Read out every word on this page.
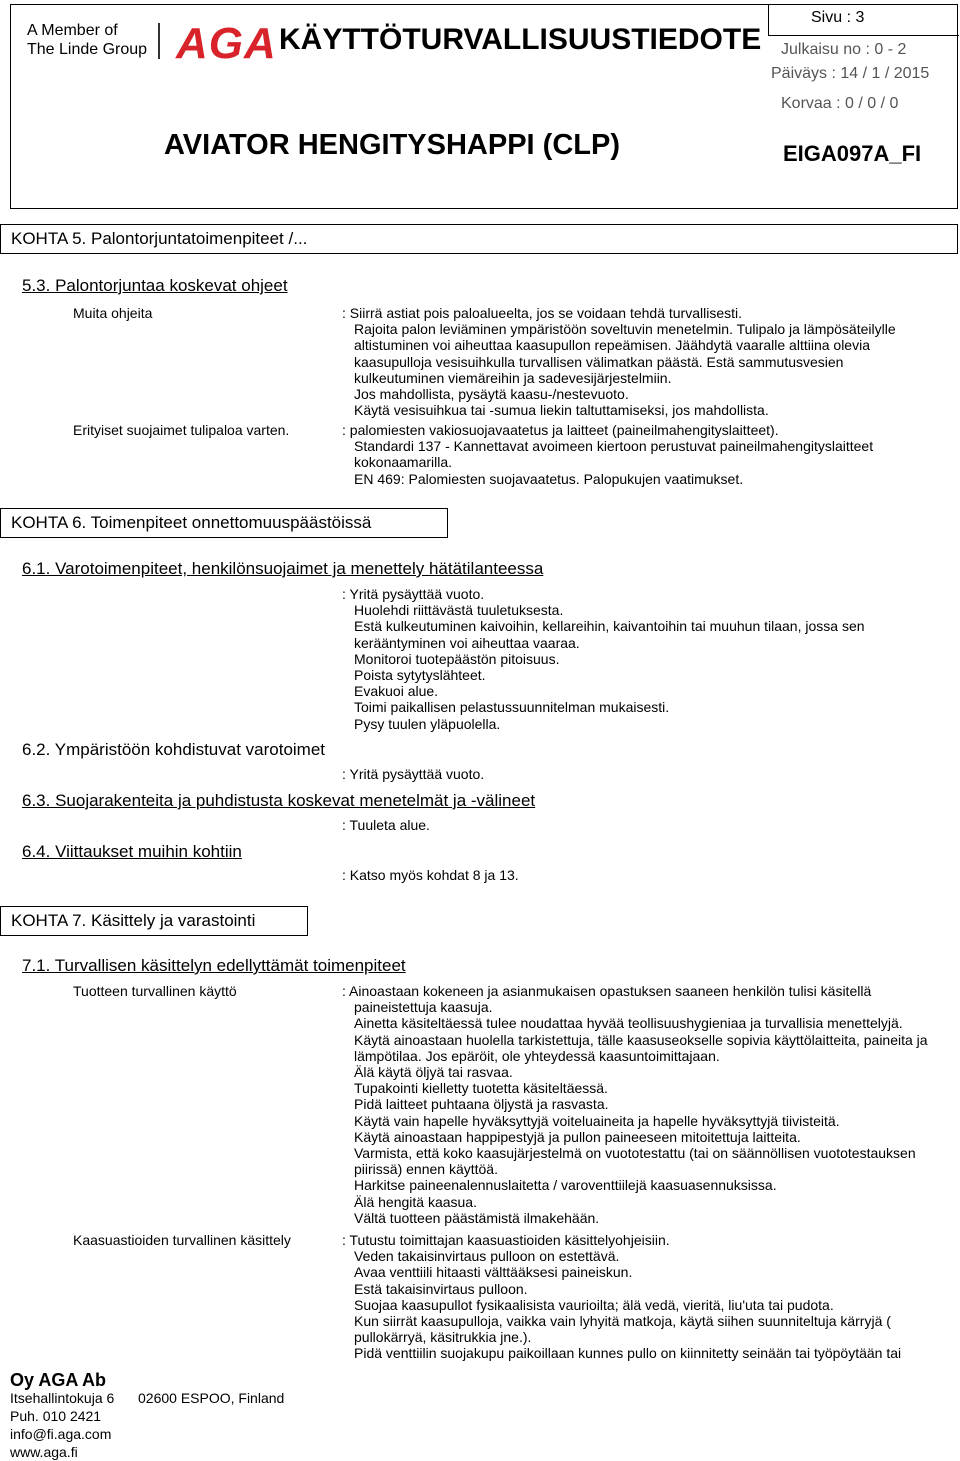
A Member of
The Linde Group AGA KÄYTTÖTURVALLISUUSTIEDOTE
AVIATOR HENGITYSHAPPI (CLP)
Sivu : 3
Julkaisu no : 0 - 2
Päiväys : 14 / 1 / 2015
Korvaa : 0 / 0 / 0
EIGA097A_FI
KOHTA 5. Palontorjuntatoimenpiteet /...
5.3. Palontorjuntaa koskevat ohjeet
Muita ohjeita	: Siirrä astiat pois paloalueelta, jos se voidaan tehdä turvallisesti.
Rajoita palon leviäminen ympäristöön soveltuvin menetelmin. Tulipalo ja lämpösäteilylle
altistuminen voi aiheuttaa kaasupullon repeämisen. Jäähdytä vaaralle alttiina olevia
kaasupulloja vesisuihkulla turvallisen välimatkan päästä. Estä sammutusvesien
kulkeutuminen viemäreihin ja sadevesijärjestelmiin.
Jos mahdollista, pysäytä kaasu-/nestevuoto.
Käytä vesisuihkua tai -sumua liekin taltuttamiseksi, jos mahdollista.
Erityiset suojaimet tulipaloa varten.	: palomiesten vakiosuojavaatetus ja laitteet (paineilmahengityslaitteet).
Standardi 137 - Kannettavat avoimeen kiertoon perustuvat paineilmahengityslaitteet
kokonaamarilla.
EN 469: Palomiesten suojavaatetus. Palopukujen vaatimukset.
KOHTA 6. Toimenpiteet onnettomuuspäästöissä
6.1. Varotoimenpiteet, henkilönsuojaimet ja menettely hätätilanteessa
: Yritä pysäyttää vuoto.
Huolehdi riittävästä tuuletuksesta.
Estä kulkeutuminen kaivoihin, kellareihin, kaivantoihin tai muuhun tilaan, jossa sen
kerääntyminen voi aiheuttaa vaaraa.
Monitoroi tuotepäästön pitoisuus.
Poista sytytyslähteet.
Evakuoi alue.
Toimi paikallisen pelastussuunnitelman mukaisesti.
Pysy tuulen yläpuolella.
6.2. Ympäristöön kohdistuvat varotoimet
: Yritä pysäyttää vuoto.
6.3. Suojarakenteita ja puhdistusta koskevat menetelmät ja -välineet
: Tuuleta alue.
6.4. Viittaukset muihin kohtiin
: Katso myös kohdat 8 ja 13.
KOHTA 7. Käsittely ja varastointi
7.1. Turvallisen käsittelyn edellyttämät toimenpiteet
Tuotteen turvallinen käyttö	: Ainoastaan kokeneen ja asianmukaisen opastuksen saaneen henkilön tulisi käsitellä
paineistettuja kaasuja.
Ainetta käsiteltäessä tulee noudattaa hyvää teollisuushygieniaa ja turvallisia menettelyjä.
Käytä ainoastaan huolella tarkistettuja, tälle kaasuseokselle sopivia käyttölaitteita, paineita ja
lämpötilaa. Jos epäröit, ole yhteydessä kaasuntoimittajaan.
Älä käytä öljyä tai rasvaa.
Tupakointi kielletty tuotetta käsiteltäessä.
Pidä laitteet puhtaana öljystä ja rasvasta.
Käytä vain hapelle hyväksyttyjä voiteluaineita ja hapelle hyväksyttyjä tiivisteitä.
Käytä ainoastaan happipestyjä ja pullon paineeseen mitoitettuja laitteita.
Varmista, että koko kaasujärjestelmä on vuototestattu (tai on säännöllisen vuototestauksen
piirissä) ennen käyttöä.
Harkitse paineenalennuslaitetta / varoventtiilejä kaasuasennuksissa.
Älä hengitä kaasua.
Vältä tuotteen päästämistä ilmakehään.
Kaasuastioiden turvallinen käsittely	: Tutustu toimittajan kaasuastioiden käsittelyohjeisiin.
Veden takaisinvirtaus pulloon on estettävä.
Avaa venttiili hitaasti välttääksesi paineiskun.
Estä takaisinvirtaus pulloon.
Suojaa kaasupullot fysikaalisista vaurioilta; älä vedä, vieritä, liu'uta tai pudota.
Kun siirrät kaasupulloja, vaikka vain lyhyitä matkoja, käytä siihen suunniteltuja kärryjä (
pullokärryä, käsitrukkia jne.).
Pidä venttiilin suojakupu paikoillaan kunnes pullo on kiinnitetty seinään tai työpöytään tai
Oy AGA Ab
Itsehallintokuja 6 02600 ESPOO, Finland
Puh. 010 2421
info@fi.aga.com
www.aga.fi
